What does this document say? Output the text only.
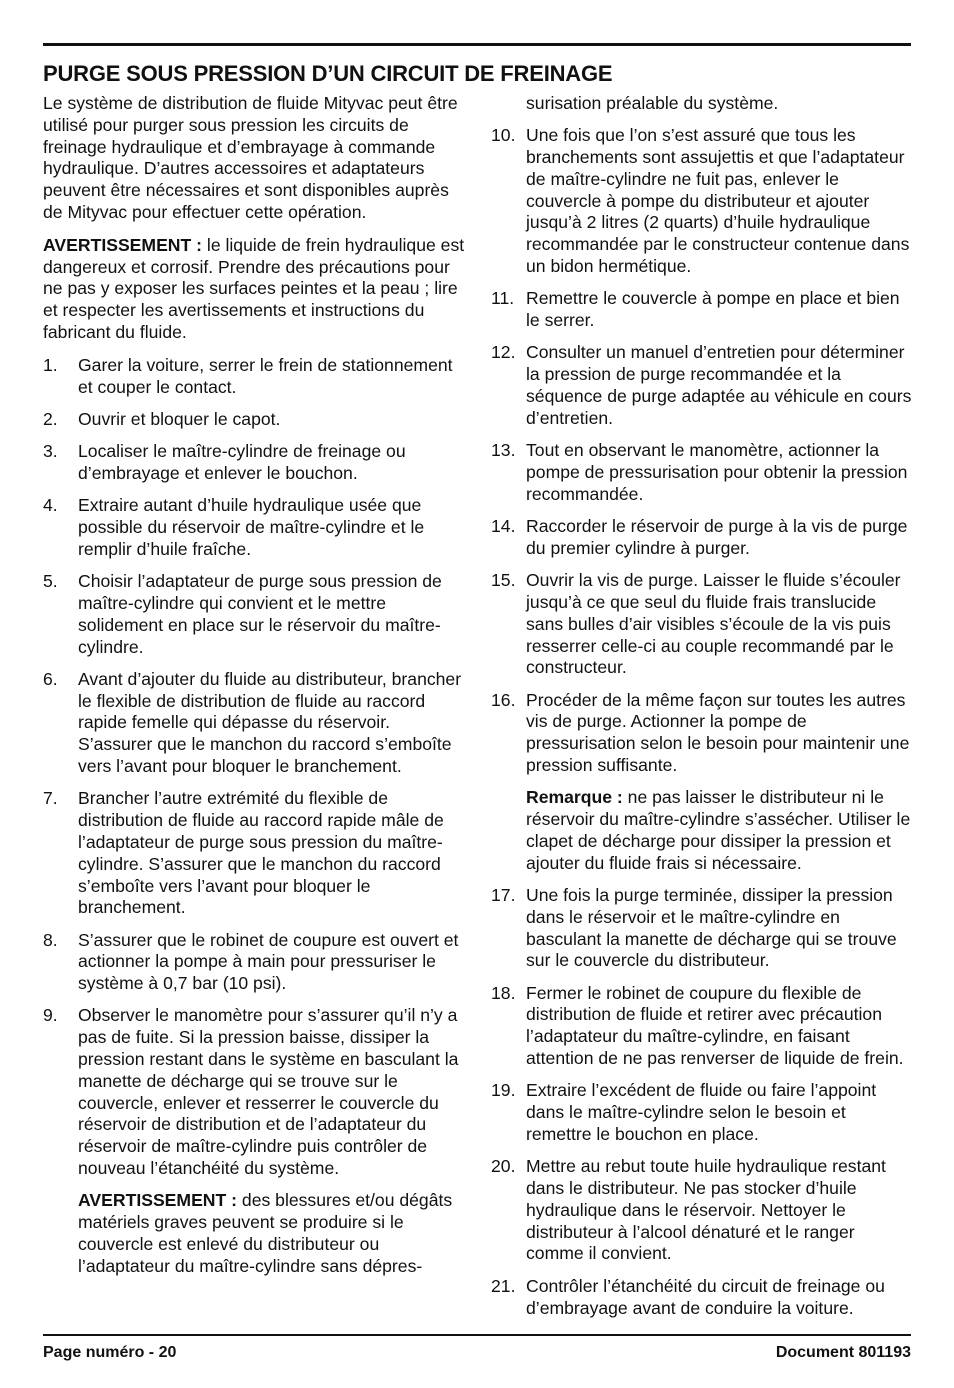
PURGE SOUS PRESSION D’UN CIRCUIT DE FREINAGE

Le système de distribution de fluide Mityvac peut être utilisé pour purger sous pression les circuits de freinage hydraulique et d’embrayage à commande hydraulique. D’autres accessoires et adaptateurs peuvent être nécessaires et sont disponibles auprès de Mityvac pour effectuer cette opération.

AVERTISSEMENT : le liquide de frein hydraulique est dangereux et corrosif. Prendre des précautions pour ne pas y exposer les surfaces peintes et la peau ; lire et respecter les avertissements et instructions du fabricant du fluide.

1. Garer la voiture, serrer le frein de stationnement et couper le contact.
2. Ouvrir et bloquer le capot.
3. Localiser le maître-cylindre de freinage ou d’embrayage et enlever le bouchon.
4. Extraire autant d’huile hydraulique usée que possible du réservoir de maître-cylindre et le remplir d’huile fraîche.
5. Choisir l’adaptateur de purge sous pression de maître-cylindre qui convient et le mettre solidement en place sur le réservoir du maître-cylindre.
6. Avant d’ajouter du fluide au distributeur, brancher le flexible de distribution de fluide au raccord rapide femelle qui dépasse du réservoir. S’assurer que le manchon du raccord s’emboîte vers l’avant pour bloquer le branchement.
7. Brancher l’autre extrémité du flexible de distribution de fluide au raccord rapide mâle de l’adaptateur de purge sous pression du maître-cylindre. S’assurer que le manchon du raccord s’emboîte vers l’avant pour bloquer le branchement.
8. S’assurer que le robinet de coupure est ouvert et actionner la pompe à main pour pressuriser le système à 0,7 bar (10 psi).
9. Observer le manomètre pour s’assurer qu’il n’y a pas de fuite. Si la pression baisse, dissiper la pression restant dans le système en basculant la manette de décharge qui se trouve sur le couvercle, enlever et resserrer le couvercle du réservoir de distribution et de l’adaptateur du réservoir de maître-cylindre puis contrôler de nouveau l’étanchéité du système.

AVERTISSEMENT : des blessures et/ou dégâts matériels graves peuvent se produire si le couvercle est enlevé du distributeur ou l’adaptateur du maître-cylindre sans dépres-

surisation préalable du système.

10. Une fois que l’on s’est assuré que tous les branchements sont assujettis et que l’adaptateur de maître-cylindre ne fuit pas, enlever le couvercle à pompe du distributeur et ajouter jusqu’à 2 litres (2 quarts) d’huile hydraulique recommandée par le constructeur contenue dans un bidon hermétique.
11. Remettre le couvercle à pompe en place et bien le serrer.
12. Consulter un manuel d’entretien pour déterminer la pression de purge recommandée et la séquence de purge adaptée au véhicule en cours d’entretien.
13. Tout en observant le manomètre, actionner la pompe de pressurisation pour obtenir la pression recommandée.
14. Raccorder le réservoir de purge à la vis de purge du premier cylindre à purger.
15. Ouvrir la vis de purge. Laisser le fluide s’écouler jusqu’à ce que seul du fluide frais translucide sans bulles d’air visibles s’écoule de la vis puis resserrer celle-ci au couple recommandé par le constructeur.
16. Procéder de la même façon sur toutes les autres vis de purge. Actionner la pompe de pressurisation selon le besoin pour maintenir une pression suffisante.

Remarque : ne pas laisser le distributeur ni le réservoir du maître-cylindre s’assécher. Utiliser le clapet de décharge pour dissiper la pression et ajouter du fluide frais si nécessaire.

17. Une fois la purge terminée, dissiper la pression dans le réservoir et le maître-cylindre en basculant la manette de décharge qui se trouve sur le couvercle du distributeur.
18. Fermer le robinet de coupure du flexible de distribution de fluide et retirer avec précaution l’adaptateur du maître-cylindre, en faisant attention de ne pas renverser de liquide de frein.
19. Extraire l’excédent de fluide ou faire l’appoint dans le maître-cylindre selon le besoin et remettre le bouchon en place.
20. Mettre au rebut toute huile hydraulique restant dans le distributeur. Ne pas stocker d’huile hydraulique dans le réservoir. Nettoyer le distributeur à l’alcool dénaturé et le ranger comme il convient.
21. Contrôler l’étanchéité du circuit de freinage ou d’embrayage avant de conduire la voiture.
Page numéro - 20	Document 801193
